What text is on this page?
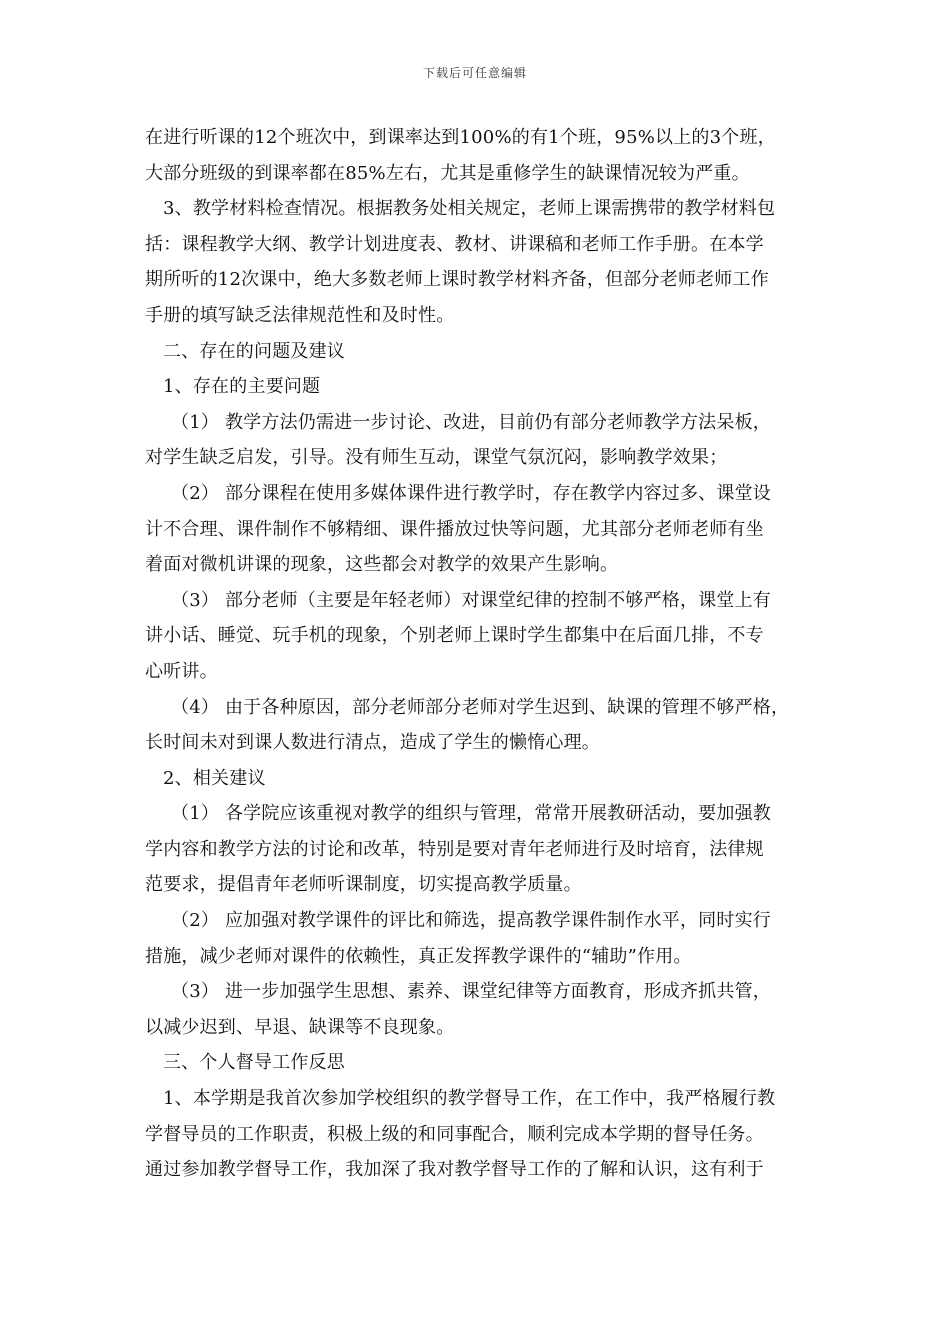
下载后可任意编辑
在进行听课的12个班次中，到课率达到100%的有1个班，95%以上的3个班，
大部分班级的到课率都在85%左右，尤其是重修学生的缺课情况较为严重。
3、教学材料检查情况。根据教务处相关规定，老师上课需携带的教学材料包
括：课程教学大纲、教学计划进度表、教材、讲课稿和老师工作手册。在本学
期所听的12次课中，绝大多数老师上课时教学材料齐备，但部分老师老师工作
手册的填写缺乏法律规范性和及时性。
二、存在的问题及建议
1、存在的主要问题
（1） 教学方法仍需进一步讨论、改进，目前仍有部分老师教学方法呆板，
对学生缺乏启发，引导。没有师生互动，课堂气氛沉闷，影响教学效果；
（2） 部分课程在使用多媒体课件进行教学时，存在教学内容过多、课堂设
计不合理、课件制作不够精细、课件播放过快等问题，尤其部分老师老师有坐
着面对微机讲课的现象，这些都会对教学的效果产生影响。
（3） 部分老师（主要是年轻老师）对课堂纪律的控制不够严格，课堂上有
讲小话、睡觉、玩手机的现象，个别老师上课时学生都集中在后面几排，不专
心听讲。
（4） 由于各种原因，部分老师部分老师对学生迟到、缺课的管理不够严格，
长时间未对到课人数进行清点，造成了学生的懒惰心理。
2、相关建议
（1） 各学院应该重视对教学的组织与管理，常常开展教研活动，要加强教
学内容和教学方法的讨论和改革，特别是要对青年老师进行及时培育，法律规
范要求，提倡青年老师听课制度，切实提高教学质量。
（2） 应加强对教学课件的评比和筛选，提高教学课件制作水平，同时实行
措施，减少老师对课件的依赖性，真正发挥教学课件的“辅助”作用。
（3） 进一步加强学生思想、素养、课堂纪律等方面教育，形成齐抓共管，
以减少迟到、早退、缺课等不良现象。
三、个人督导工作反思
1、本学期是我首次参加学校组织的教学督导工作，在工作中，我严格履行教
学督导员的工作职责，积极上级的和同事配合，顺利完成本学期的督导任务。
通过参加教学督导工作，我加深了我对教学督导工作的了解和认识，这有利于
